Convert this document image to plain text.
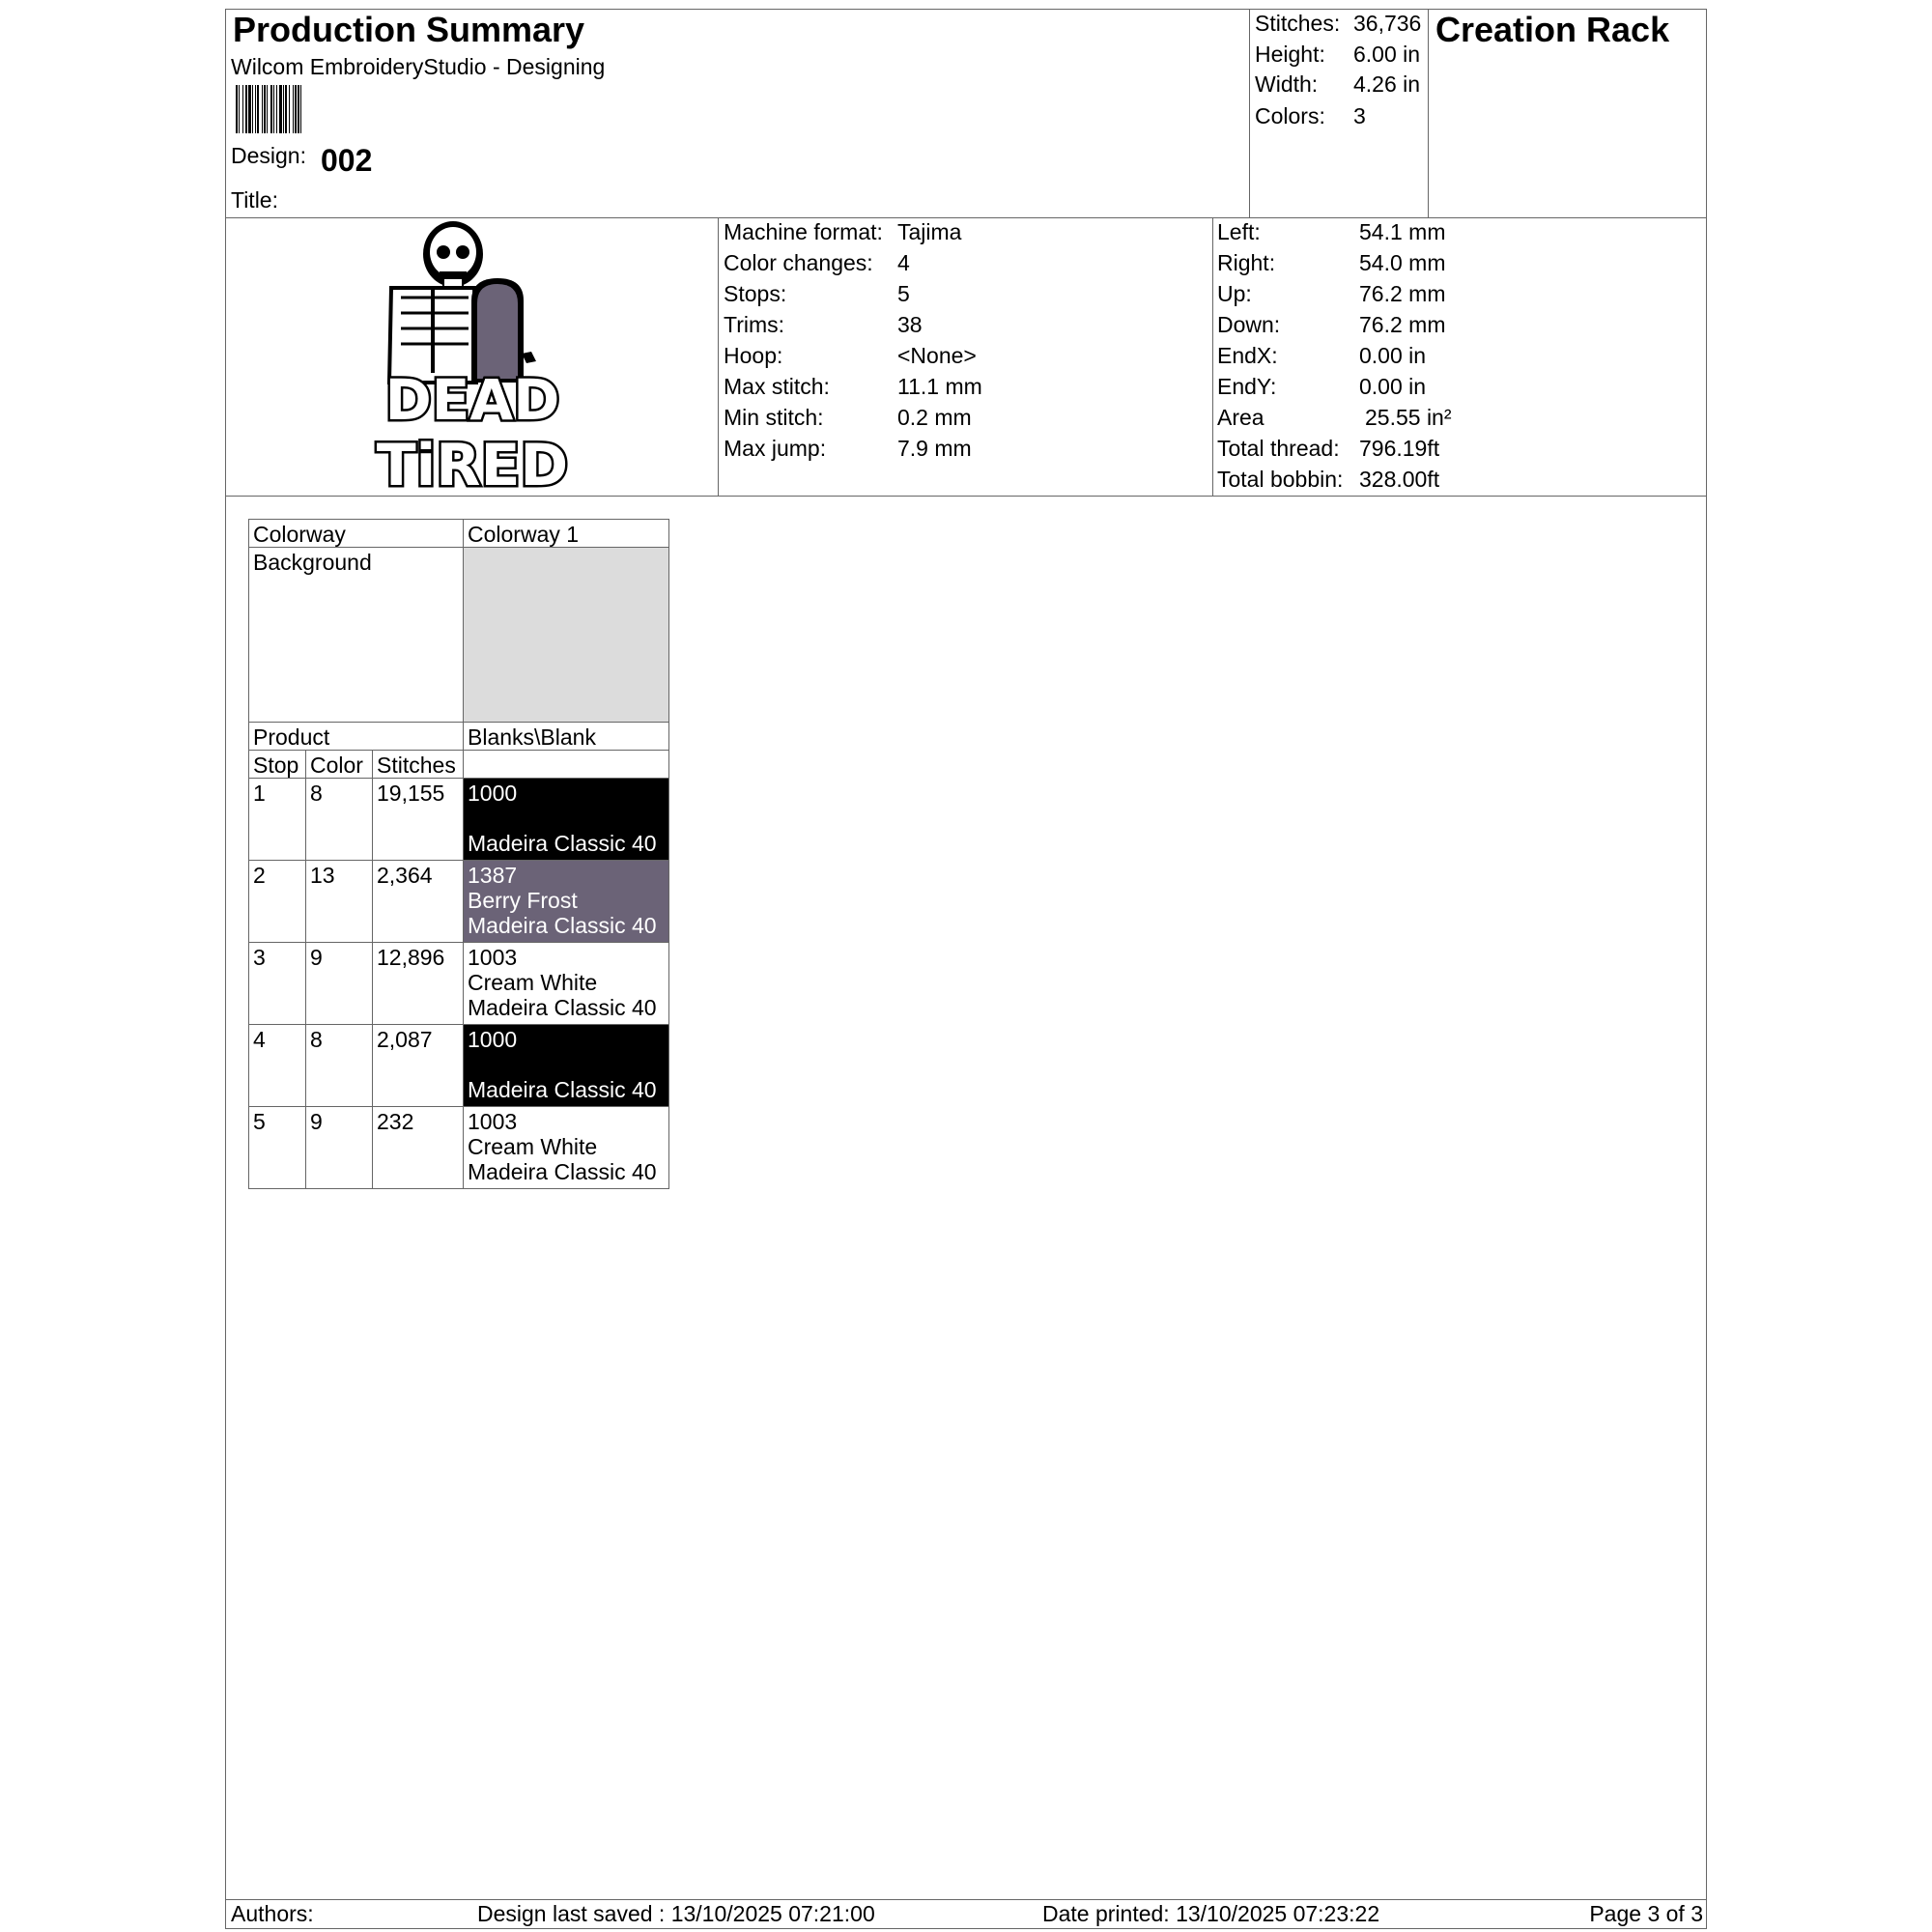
Production Summary
Wilcom EmbroideryStudio - Designing
Design: 002
Title:
Stitches: 36,736
Height: 6.00 in
Width: 4.26 in
Colors: 3
Creation Rack
DEAD
TiRED
Machine format: Tajima
Color changes: 4
Stops:	5
Trims:	38
Hoop:	<None>
Max stitch:	11.1 mm
Min stitch:	0.2 mm
Max jump:	7.9 mm
Left:	54.1 mm
Right:	54.0 mm
Up:	76.2 mm
Down:	76.2 mm
EndX:	0.00 in
EndY:	0.00 in
Area	25.55 in²
Total thread: 796.19ft
Total bobbin: 328.00ft
Colorway			Colorway 1
Background			
Product			Blanks\Blank
Stop	Color	Stitches	
1	8	19,155	1000

Madeira Classic 40

2	13	2,364	1387
Berry Frost
Madeira Classic 40

3	9	12,896	1003
Cream White
Madeira Classic 40

4	8	2,087	1000

Madeira Classic 40

5	9	232	1003
Cream White
Madeira Classic 40
Authors:	Design last saved : 13/10/2025 07:21:00	Date printed: 13/10/2025 07:23:22	Page 3 of 3
